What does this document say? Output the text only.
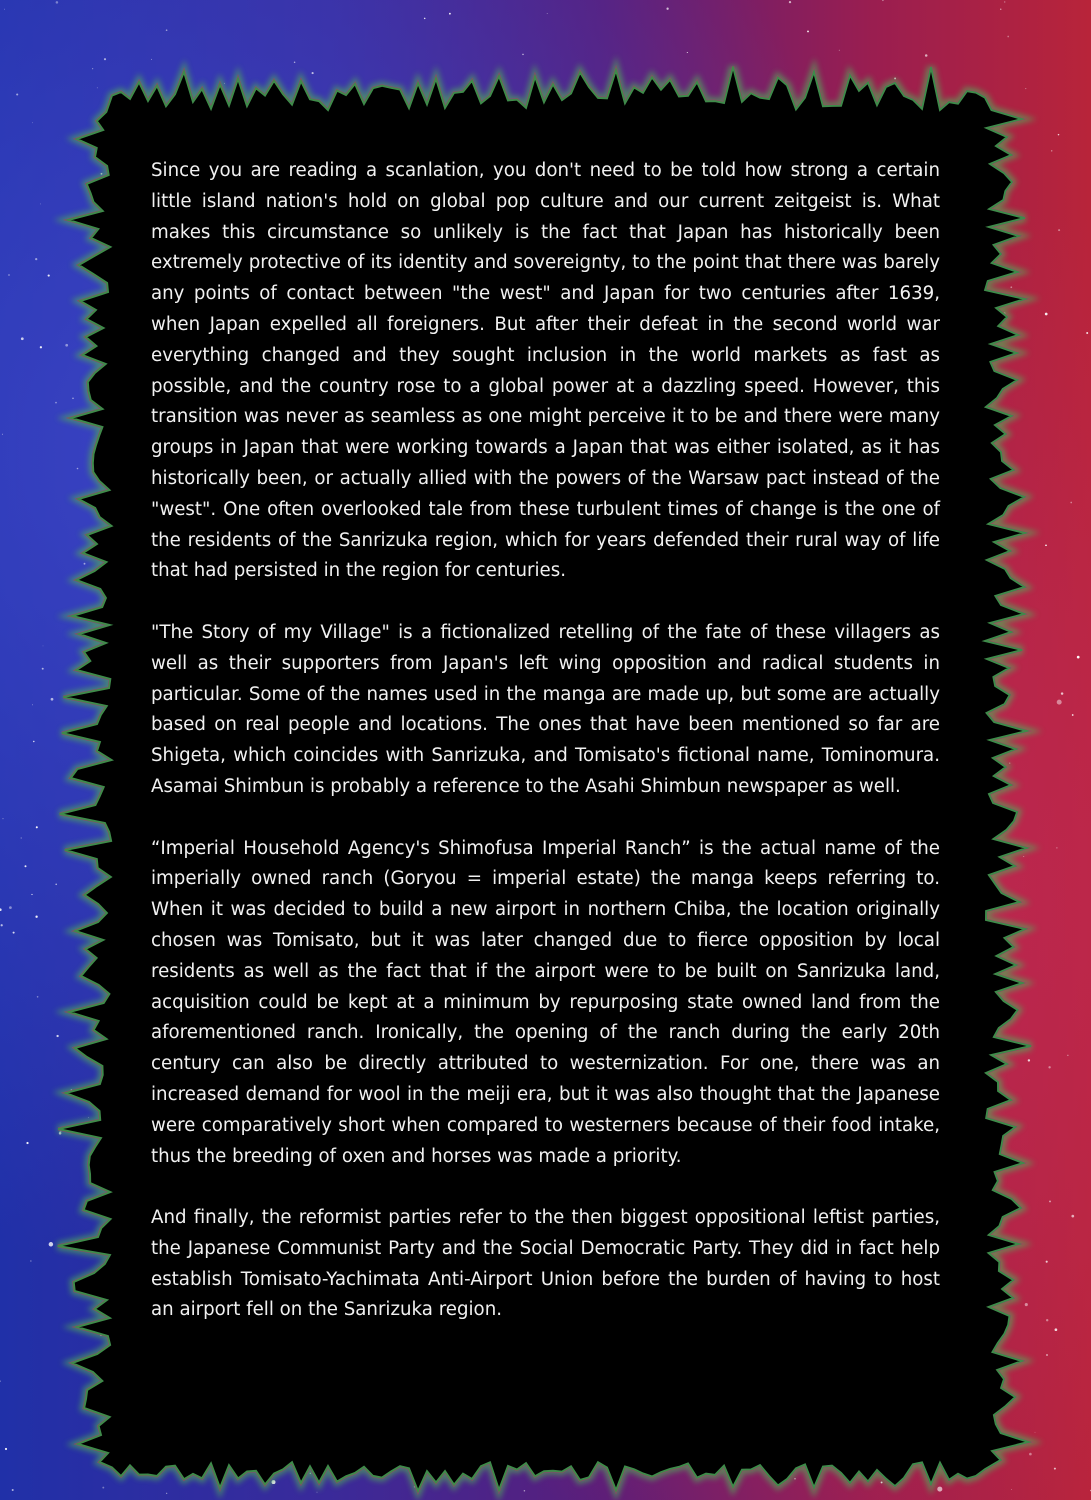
Since you are reading a scanlation, you don't need to be told how strong a certain little island nation's hold on global pop culture and our current zeitgeist is. What makes this circumstance so unlikely is the fact that Japan has historically been extremely protective of its identity and sovereignty, to the point that there was barely any points of contact between "the west" and Japan for two centuries after 1639, when Japan expelled all foreigners. But after their defeat in the second world war everything changed and they sought inclusion in the world markets as fast as possible, and the country rose to a global power at a dazzling speed. However, this transition was never as seamless as one might perceive it to be and there were many groups in Japan that were working towards a Japan that was either isolated, as it has historically been, or actually allied with the powers of the Warsaw pact instead of the "west". One often overlooked tale from these turbulent times of change is the one of the residents of the Sanrizuka region, which for years defended their rural way of life that had persisted in the region for centuries.

"The Story of my Village" is a fictionalized retelling of the fate of these villagers as well as their supporters from Japan's left wing opposition and radical students in particular. Some of the names used in the manga are made up, but some are actually based on real people and locations. The ones that have been mentioned so far are Shigeta, which coincides with Sanrizuka, and Tomisato's fictional name, Tominomura. Asamai Shimbun is probably a reference to the Asahi Shimbun newspaper as well.

“Imperial Household Agency's Shimofusa Imperial Ranch” is the actual name of the imperially owned ranch (Goryou = imperial estate) the manga keeps referring to. When it was decided to build a new airport in northern Chiba, the location originally chosen was Tomisato, but it was later changed due to fierce opposition by local residents as well as the fact that if the airport were to be built on Sanrizuka land, acquisition could be kept at a minimum by repurposing state owned land from the aforementioned ranch. Ironically, the opening of the ranch during the early 20th century can also be directly attributed to westernization. For one, there was an increased demand for wool in the meiji era, but it was also thought that the Japanese were comparatively short when compared to westerners because of their food intake, thus the breeding of oxen and horses was made a priority.

And finally, the reformist parties refer to the then biggest oppositional leftist parties, the Japanese Communist Party and the Social Democratic Party. They did in fact help establish Tomisato-Yachimata Anti-Airport Union before the burden of having to host an airport fell on the Sanrizuka region.
